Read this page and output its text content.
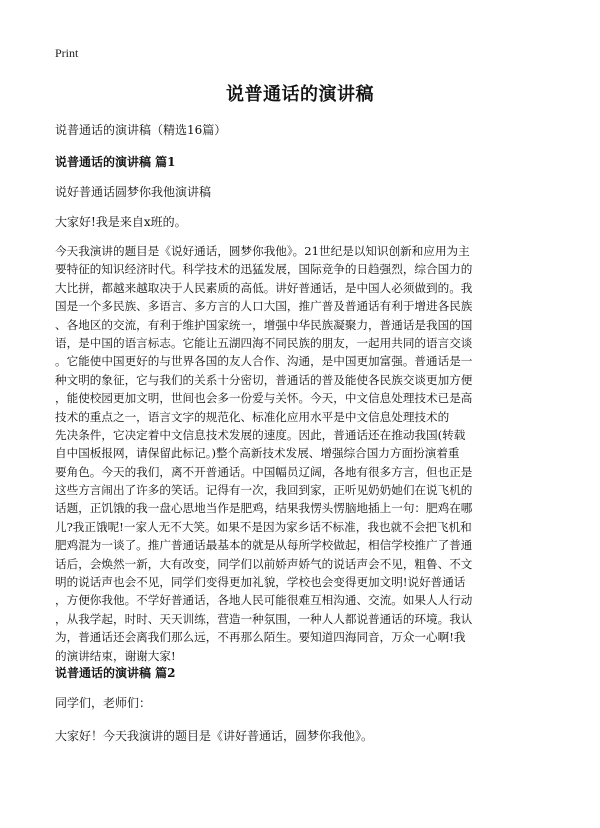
Print
说普通话的演讲稿

说普通话的演讲稿（精选16篇）

说普通话的演讲稿 篇1

说好普通话圆梦你我他演讲稿

大家好!我是来自x班的。

今天我演讲的题目是《说好通话，圆梦你我他》。21世纪是以知识创新和应用为主
要特征的知识经济时代。科学技术的迅猛发展，国际竞争的日趋强烈，综合国力的
大比拼，都越来越取决于人民素质的高低。讲好普通话，是中国人必须做到的。我
国是一个多民族、多语言、多方言的人口大国，推广普及普通话有利于增进各民族
、各地区的交流，有利于维护国家统一，增强中华民族凝聚力，普通话是我国的国
语，是中国的语言标志。它能让五湖四海不同民族的朋友，一起用共同的语言交谈
。它能使中国更好的与世界各国的友人合作、沟通，是中国更加富强。普通话是一
种文明的象征，它与我们的关系十分密切，普通话的普及能使各民族交谈更加方便
，能使校园更加文明，世间也会多一份爱与关怀。今天，中文信息处理技术已是高
技术的重点之一，语言文字的规范化、标准化应用水平是中文信息处理技术的
先决条件，它决定着中文信息技术发展的速度。因此，普通话还在推动我国(转载
自中国板报网，请保留此标记。)整个高新技术发展、增强综合国力方面扮演着重
要角色。今天的我们，离不开普通话。中国幅员辽阔，各地有很多方言，但也正是
这些方言闹出了许多的笑话。记得有一次，我回到家，正听见奶奶她们在说飞机的
话题，正饥饿的我一盘心思地当作是肥鸡，结果我愣头愣脑地插上一句：肥鸡在哪
儿?我正饿呢!一家人无不大笑。如果不是因为家乡话不标准，我也就不会把飞机和
肥鸡混为一谈了。推广普通话最基本的就是从每所学校做起，相信学校推广了普通
话后，会焕然一新，大有改变，同学们以前娇声娇气的说话声会不见，粗鲁、不文
明的说话声也会不见，同学们变得更加礼貌，学校也会变得更加文明!说好普通话
，方便你我他。不学好普通话，各地人民可能很难互相沟通、交流。如果人人行动
，从我学起，时时、天天训练，营造一种氛围，一种人人都说普通话的环境。我认
为，普通话还会离我们那么远，不再那么陌生。要知道四海同音，万众一心啊!我
的演讲结束，谢谢大家!

说普通话的演讲稿 篇2

同学们，老师们：

大家好！今天我演讲的题目是《讲好普通话，圆梦你我他》。
